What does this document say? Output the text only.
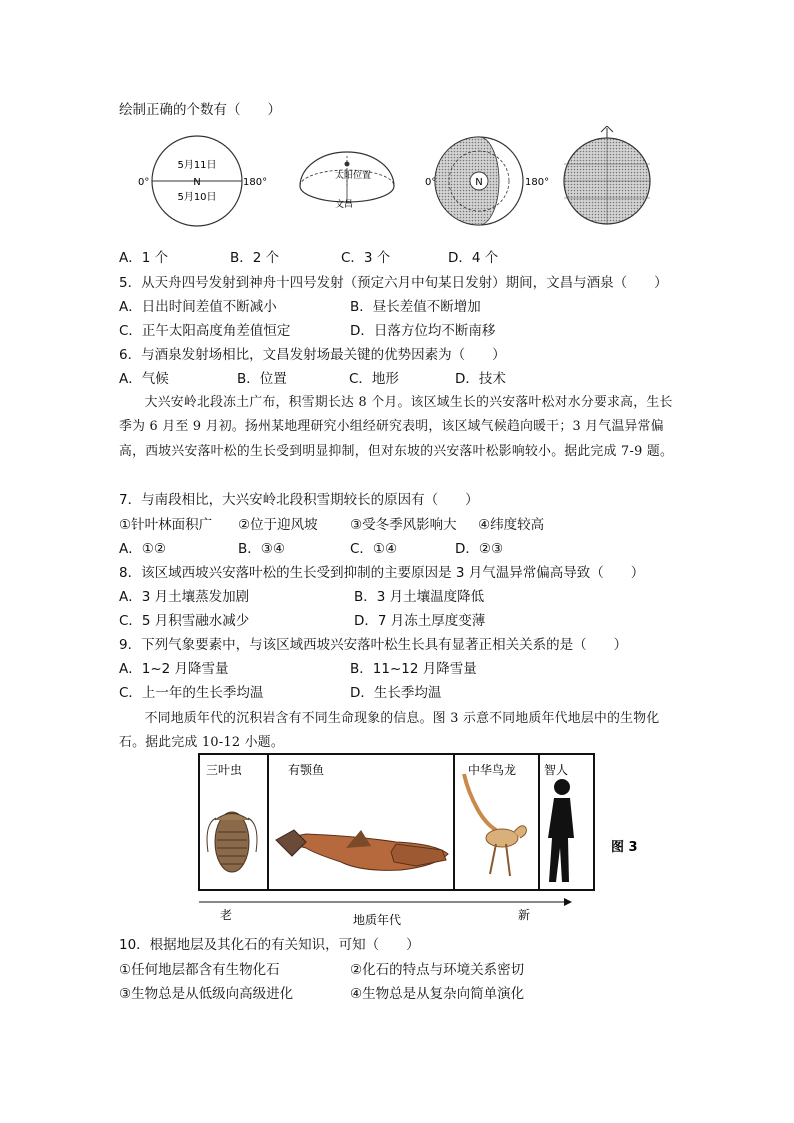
绘制正确的个数有（　　）
5月11日
N
5月10日
0°	180°
太阳位置
文昌
N
0°	180°
A．1 个	B．2 个	C．3 个	D．4 个
5．从天舟四号发射到神舟十四号发射（预定六月中旬某日发射）期间，文昌与酒泉（　　）
A．日出时间差值不断减小	B．昼长差值不断增加
C．正午太阳高度角差值恒定	D．日落方位均不断南移
6．与酒泉发射场相比，文昌发射场最关键的优势因素为（　　）
A．气候	B．位置	C．地形	D．技术
大兴安岭北段冻土广布，积雪期长达 8 个月。该区域生长的兴安落叶松对水分要求高，生长季为 6 月至 9 月初。扬州某地理研究小组经研究表明，该区域气候趋向暖干；3 月气温异常偏高，西坡兴安落叶松的生长受到明显抑制，但对东坡的兴安落叶松影响较小。据此完成 7-9 题。
7．与南段相比，大兴安岭北段积雪期较长的原因有（　　）
①针叶林面积广 ②位于迎风坡 ③受冬季风影响大 ④纬度较高
A．①②	B．③④	C．①④	D．②③
8．该区域西坡兴安落叶松的生长受到抑制的主要原因是 3 月气温异常偏高导致（　　）
A．3 月土壤蒸发加剧	B．3 月土壤温度降低
C．5 月积雪融水减少	D．7 月冻土厚度变薄
9．下列气象要素中，与该区域西坡兴安落叶松生长具有显著正相关关系的是（　　）
A．1~2 月降雪量	B．11~12 月降雪量
C．上一年的生长季均温	D．生长季均温
不同地质年代的沉积岩含有不同生命现象的信息。图 3 示意不同地质年代地层中的生物化石。据此完成 10-12 小题。
三叶虫	有颚鱼	中华鸟龙 智人
图 3
老	地质年代	新
10．根据地层及其化石的有关知识，可知（　　）
①任何地层都含有生物化石	②化石的特点与环境关系密切
③生物总是从低级向高级进化	④生物总是从复杂向简单演化
